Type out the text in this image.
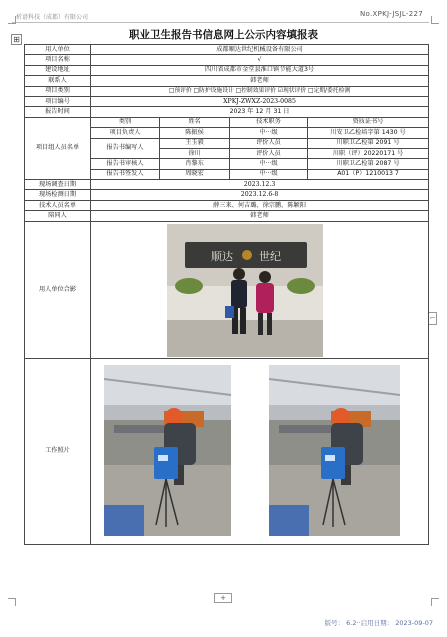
析谱科技（成都）有限公司	No.XPKJ-JSJL-227
⊞
⌐
职业卫生报告书信息网上公示内容填报表
用人单位	成都顺达世纪机械设备有限公司			
项目名称	√			
建设地址	四川省成都市金堂县淮口镇节能大道3号			
联系人	韩老师			
项目类别	□预评价 □防护设施设计 □控制效果评价 ☑现状评价 □定期/委托检测			
项目编号	XPKJ-ZWXZ-2023-0085			
报告时间	2023 年 12 月 31 日			
项目组人员名单	类别	姓名	技术职务	资质证书号
	项目负责人	陈振侯	中···级	川安卫乙检培字第 1430 号
	报告书编写人	王玉毅	评价人员	川职卫乙检第 2091 号
		徐川	评价人员	川职（评）20220171 号
	报告书审核人	肖黎东	中···级	川职卫乙检第 2087 号
	报告书签发人	周晓宏	中···级	A01（P）1210013 7
现场调查日期	2023.12.3			
现场检测日期	2023.12.6-8			
技术人员名单	薛三来、何吉璐、徐宗鹏、陈颖阳			
陪同人	韩老师			
用人单位合影	顺达 世纪			

工作照片	
+
版号： 6.2··启用日期： 2023-09-07
